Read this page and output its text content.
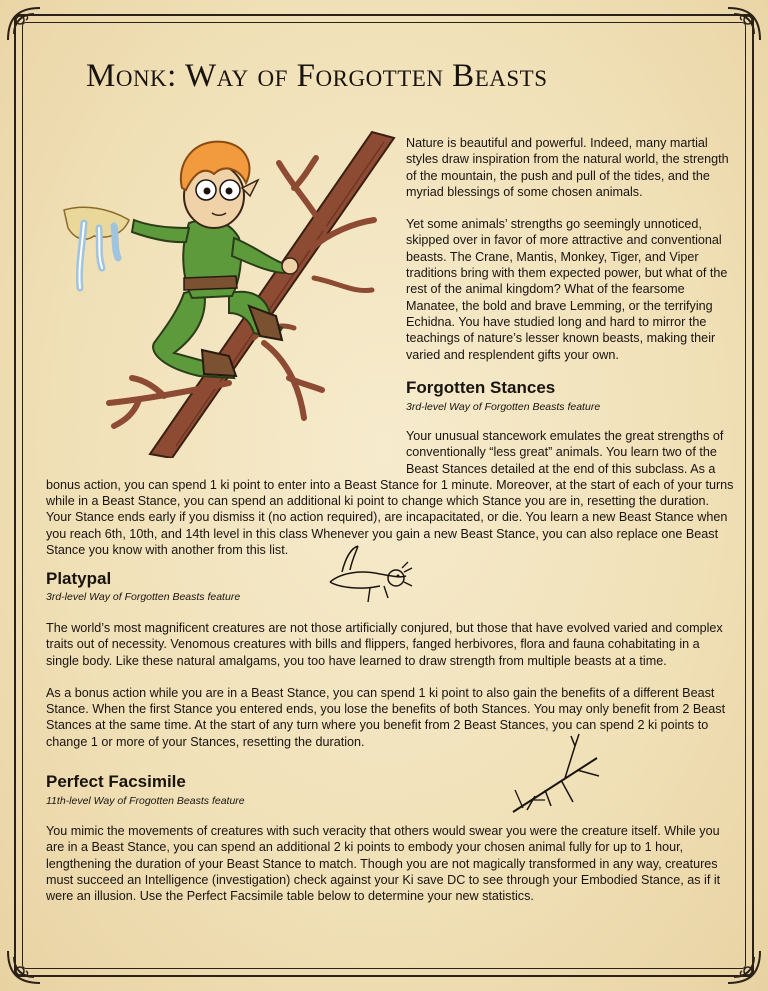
Monk: Way of Forgotten Beasts

Nature is beautiful and powerful. Indeed, many martial styles draw inspiration from the natural world, the strength of the mountain, the push and pull of the tides, and the myriad blessings of some chosen animals.

Yet some animals’ strengths go seemingly unnoticed, skipped over in favor of more attractive and conventional beasts. The Crane, Mantis, Monkey, Tiger, and Viper traditions bring with them expected power, but what of the rest of the animal kingdom? What of the fearsome Manatee, the bold and brave Lemming, or the terrifying Echidna. You have studied long and hard to mirror the teachings of nature’s lesser known beasts, making their varied and resplendent gifts your own.

Forgotten Stances

3rd-level Way of Forgotten Beasts feature

Your unusual stancework emulates the great strengths of conventionally “less great” animals. You learn two of the Beast Stances detailed at the end of this subclass. As a bonus action, you can spend 1 ki point to enter into a Beast Stance for 1 minute. Moreover, at the start of each of your turns while in a Beast Stance, you can spend an additional ki point to change which Stance you are in, resetting the duration. Your Stance ends early if you dismiss it (no action required), are incapacitated, or die. You learn a new Beast Stance when you reach 6th, 10th, and 14th level in this class Whenever you gain a new Beast Stance, you can also replace one Beast Stance you know with another from this list.

Platypal

3rd-level Way of Forgotten Beasts feature

The world’s most magnificent creatures are not those artificially conjured, but those that have evolved varied and complex traits out of necessity. Venomous creatures with bills and flippers, fanged herbivores, flora and fauna cohabitating in a single body. Like these natural amalgams, you too have learned to draw strength from multiple beasts at a time.

As a bonus action while you are in a Beast Stance, you can spend 1 ki point to also gain the benefits of a different Beast Stance. When the first Stance you entered ends, you lose the benefits of both Stances. You may only benefit from 2 Beast Stances at the same time. At the start of any turn where you benefit from 2 Beast Stances, you can spend 2 ki points to change 1 or more of your Stances, resetting the duration.

Perfect Facsimile

11th-level Way of Frogotten Beasts feature

You mimic the movements of creatures with such veracity that others would swear you were the creature itself. While you are in a Beast Stance, you can spend an additional 2 ki points to embody your chosen animal fully for up to 1 hour, lengthening the duration of your Beast Stance to match. Though you are not magically transformed in any way, creatures must succeed an Intelligence (investigation) check against your Ki save DC to see through your Embodied Stance, as if it were an illusion. Use the Perfect Facsimile table below to determine your new statistics.
